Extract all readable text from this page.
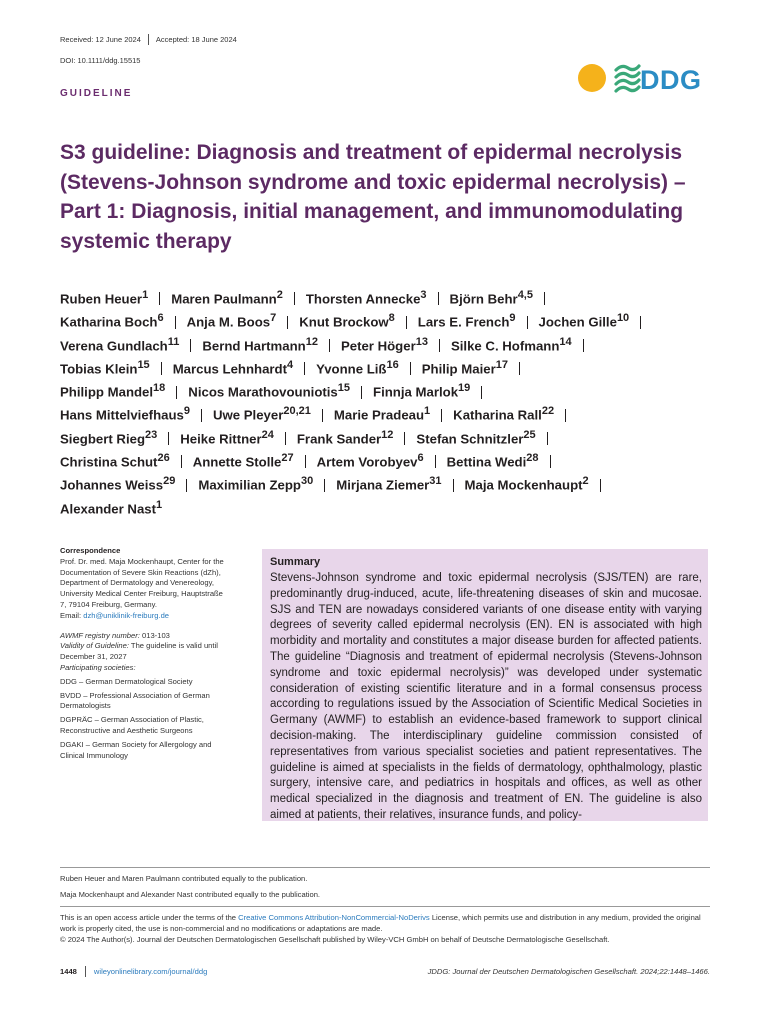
Received: 12 June 2024 Accepted: 18 June 2024
DOI: 10.1111/ddg.15515
DDG
GUIDELINE
S3 guideline: Diagnosis and treatment of epidermal necrolysis (Stevens-Johnson syndrome and toxic epidermal necrolysis) – Part 1: Diagnosis, initial management, and immunomodulating systemic therapy
Ruben Heuer$^1$ Maren Paulmann$^2$ Thorsten Annecke$^3$ Björn Behr$^{4,5}$
Katharina Boch$^6$ Anja M. Boos$^7$ Knut Brockow$^8$ Lars E. French$^9$ Jochen Gille$^{10}$
Verena Gundlach$^{11}$ Bernd Hartmann$^{12}$ Peter Höger$^{13}$ Silke C. Hofmann$^{14}$
Tobias Klein$^{15}$ Marcus Lehnhardt$^4$ Yvonne Liß$^{16}$ Philip Maier$^{17}$
Philipp Mandel$^{18}$ Nicos Marathovouniotis$^{15}$ Finnja Marlok$^{19}$
Hans Mittelviefhaus$^9$ Uwe Pleyer$^{20,21}$ Marie Pradeau$^1$ Katharina Rall$^{22}$
Siegbert Rieg$^{23}$ Heike Rittner$^{24}$ Frank Sander$^{12}$ Stefan Schnitzler$^{25}$
Christina Schut$^{26}$ Annette Stolle$^{27}$ Artem Vorobyev$^6$ Bettina Wedi$^{28}$
Johannes Weiss$^{29}$ Maximilian Zepp$^{30}$ Mirjana Ziemer$^{31}$ Maja Mockenhaupt$^2$
Alexander Nast$^1$
Correspondence
Prof. Dr. med. Maja Mockenhaupt, Center for the
Documentation of Severe Skin Reactions (dZh),
Department of Dermatology and Venereology,
University Medical Center Freiburg, Hauptstraße
7, 79104 Freiburg, Germany.
Email: dzh@uniklinik-freiburg.de
AWMF registry number: 013-103
Validity of Guideline: The guideline is valid until
December 31, 2027
Participating societies:
DDG – German Dermatological Society
BVDD – Professional Association of German
Dermatologists
DGPRÄC – German Association of Plastic,
Reconstructive and Aesthetic Surgeons
DGAKI – German Society for Allergology and
Clinical Immunology
Summary
Stevens-Johnson syndrome and toxic epidermal necrolysis (SJS/TEN) are rare, predominantly drug-induced, acute, life-threatening diseases of skin and mucosae. SJS and TEN are nowadays considered variants of one disease entity with varying degrees of severity called epidermal necrolysis (EN). EN is associated with high morbidity and mortality and constitutes a major disease burden for affected patients. The guideline “Diagnosis and treatment of epidermal necrolysis (Stevens-Johnson syndrome and toxic epidermal necrolysis)” was developed under systematic consideration of existing scientific literature and in a formal consensus process according to regulations issued by the Association of Scientific Medical Societies in Germany (AWMF) to establish an evidence-based framework to support clinical decision-making. The interdisciplinary guideline commission consisted of representatives from various specialist societies and patient representatives. The guideline is aimed at specialists in the fields of dermatology, ophthalmology, plastic surgery, intensive care, and pediatrics in hospitals and offices, as well as other medical specialized in the diagnosis and treatment of EN. The guideline is also aimed at patients, their relatives, insurance funds, and policy-
Ruben Heuer and Maren Paulmann contributed equally to the publication.
Maja Mockenhaupt and Alexander Nast contributed equally to the publication.
This is an open access article under the terms of the Creative Commons Attribution-NonCommercial-NoDerivs License, which permits use and distribution in any medium, provided the original work is properly cited, the use is non-commercial and no modifications or adaptations are made.
© 2024 The Author(s). Journal der Deutschen Dermatologischen Gesellschaft published by Wiley-VCH GmbH on behalf of Deutsche Dermatologische Gesellschaft.
1448 wileyonlinelibrary.com/journal/ddg	JDDG: Journal der Deutschen Dermatologischen Gesellschaft. 2024;22:1448–1466.
